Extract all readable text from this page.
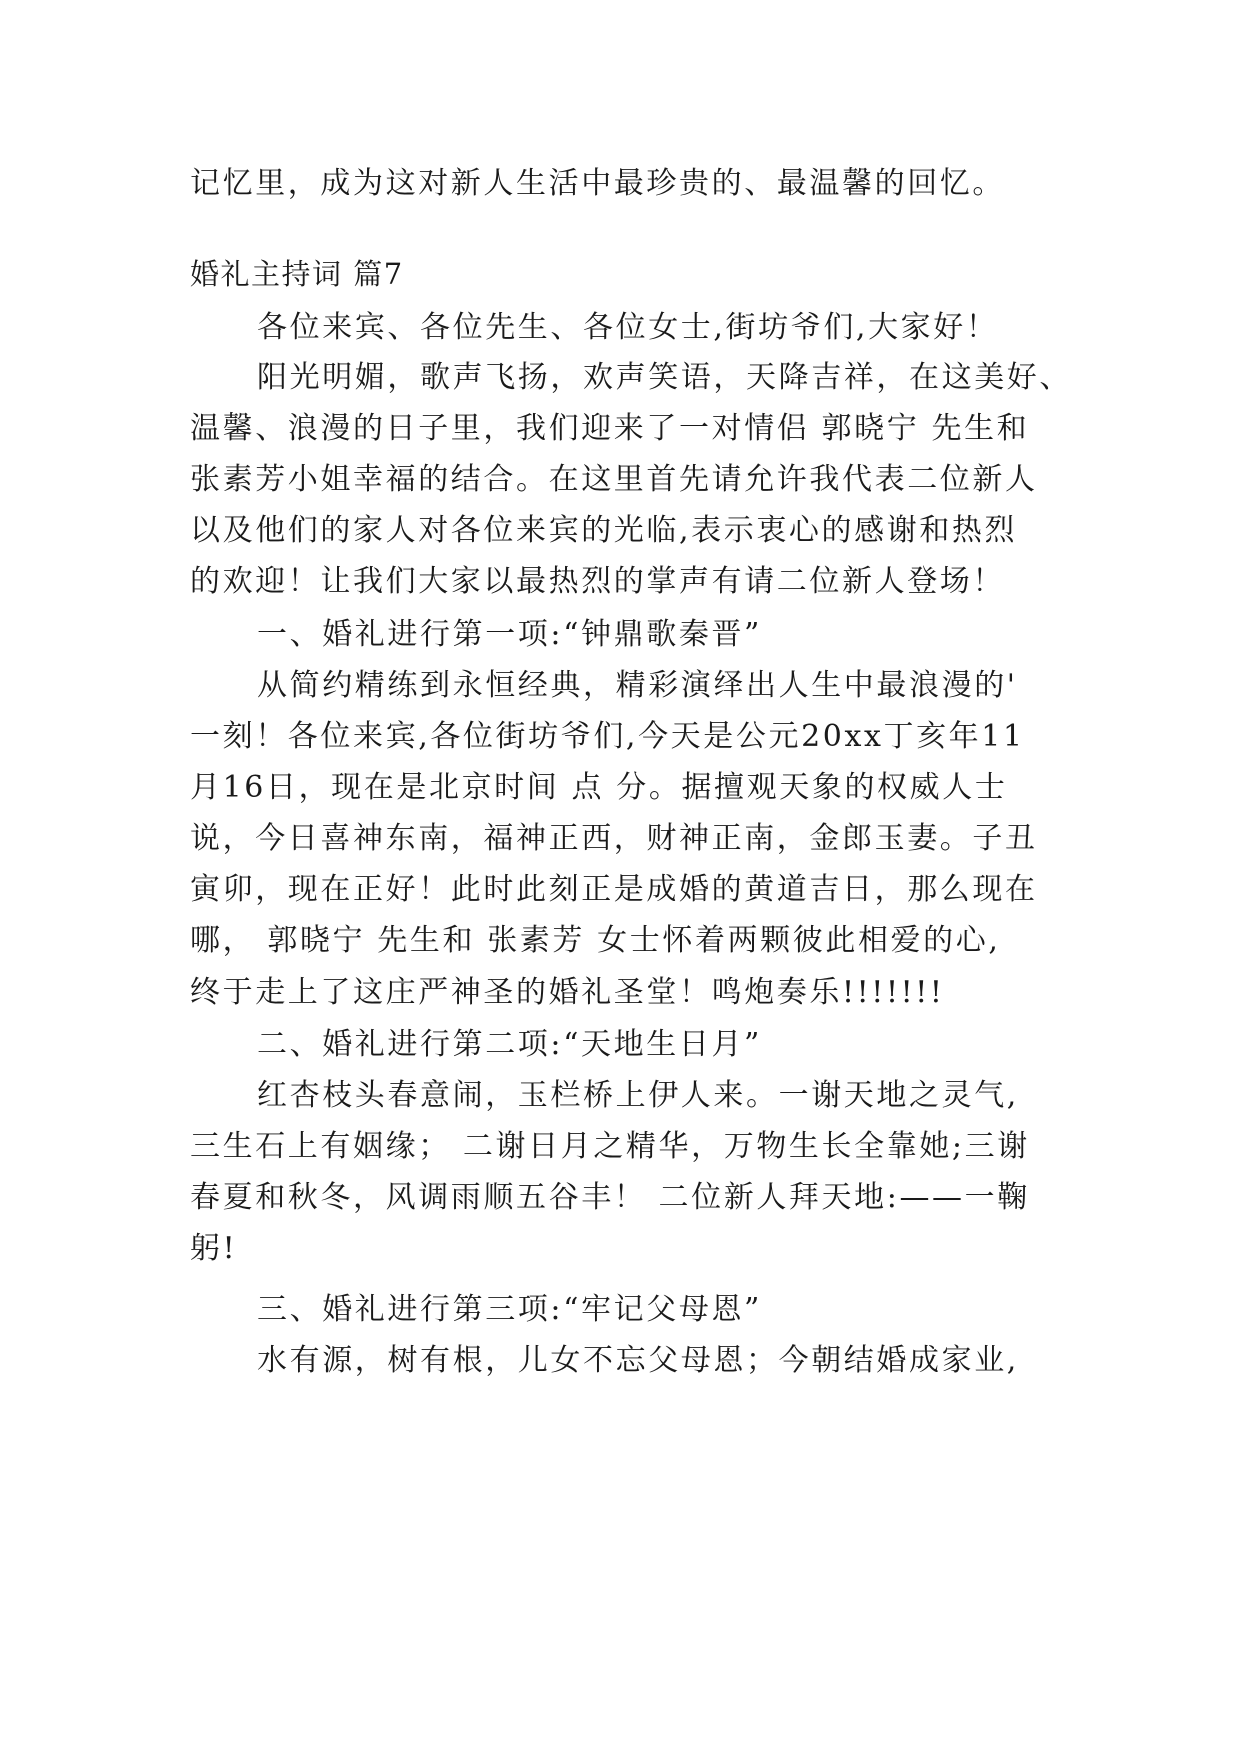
记忆里，成为这对新人生活中最珍贵的、最温馨的回忆。
婚礼主持词 篇7
各位来宾、各位先生、各位女士,街坊爷们,大家好！
阳光明媚，歌声飞扬，欢声笑语，天降吉祥，在这美好、
温馨、浪漫的日子里，我们迎来了一对情侣 郭晓宁 先生和
张素芳小姐幸福的结合。在这里首先请允许我代表二位新人
以及他们的家人对各位来宾的光临,表示衷心的感谢和热烈
的欢迎！让我们大家以最热烈的掌声有请二位新人登场！
一、婚礼进行第一项:“钟鼎歌秦晋”
从简约精练到永恒经典，精彩演绎出人生中最浪漫的'
一刻！各位来宾,各位街坊爷们,今天是公元20xx丁亥年11
月16日，现在是北京时间 点 分。据擅观天象的权威人士
说，今日喜神东南，福神正西，财神正南，金郎玉妻。子丑
寅卯，现在正好！此时此刻正是成婚的黄道吉日，那么现在
哪， 郭晓宁 先生和 张素芳 女士怀着两颗彼此相爱的心,
终于走上了这庄严神圣的婚礼圣堂！鸣炮奏乐!!!!!!!
二、婚礼进行第二项:“天地生日月”
红杏枝头春意闹，玉栏桥上伊人来。一谢天地之灵气,
三生石上有姻缘； 二谢日月之精华，万物生长全靠她;三谢
春夏和秋冬，风调雨顺五谷丰！ 二位新人拜天地:——一鞠
躬!
三、婚礼进行第三项:“牢记父母恩”
水有源，树有根，儿女不忘父母恩；今朝结婚成家业,
